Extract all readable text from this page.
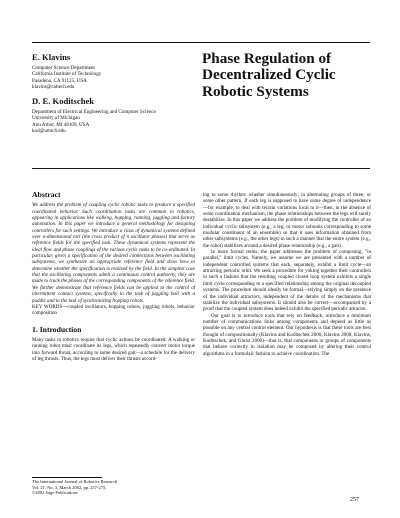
E. Klavins
Computer Science Department
California Institute of Technology
Pasadena, CA 91125, USA
klavins@caltech.edu
D. E. Koditschek
Department of Electrical Engineering and Computer Science
University of Michigan
Ann Arbor, MI 48109, USA
kod@umich.edu
Phase Regulation of Decentralized Cyclic Robotic Systems
Abstract

We address the problem of coupling cyclic robotic tasks to produce a specified coordinated behavior. Such coordination tasks are common in robotics, appearing in applications like walking, hopping, running, juggling and factory automation. In this paper we introduce a general methodology for designing controllers for such settings. We introduce a class of dynamical systems defined over n-dimensional tori (the cross product of n oscillator phases) that serve as reference fields for the specified task. These dynamical systems represent the ideal flow and phase couplings of the various cyclic tasks to be co-ordinated. In particular, given a specification of the desired connections between oscillating subsystems, we synthesize an appropriate reference field and show how to determine whether the specification is realized by the field. In the simplest case that the oscillating components admit a continuous control authority, they are made to track the phases of the corresponding components of the reference field. We further demonstrate that reference fields can be applied to the control of intermittent contact systems, specifically to the task of juggling ball with a paddle and to the task of synchronizing hopping robots.

KEY WORDS—coupled oscillators, hopping robots, juggling robots, behavior composition

1. Introduction

Many tasks in robotics require that cyclic actions be coordinated. A walking or running robot must coordinate its legs, which repeatedly convert motor torque into forward thrust, according to some desired gait—a schedule for the delivery of leg thrusts. Thus, the legs must deliver their thrusts accord-

ing to some rhythm: whether simultaneously; in alternating groups of three; or some other pattern. If each leg is supposed to have some degree of independence—for example, to deal with terrain variations local to it—then, in the absence of some coordination mechanism, the phase relationships between the legs will surely destabilize. In this paper we address the problem of modifying the controller of an individual cyclic subsystem (e.g., a leg, or motor subunits corresponding to some modular constituent of an ensemble) so that it uses information obtained from other subsystems (e.g., the other legs) in such a manner that the entire system (e.g., the robot) stabilizes around a desired phase relationship (e.g., a gait).

In more formal terms, the paper addresses the problem of composing, "in parallel," limit cycles. Namely, we assume we are presented with a number of independent controlled systems that each, separately, exhibit a limit cycle—an attracting periodic orbit. We seek a procedure for yoking together their controllers in such a fashion that the resulting coupled closed loop system exhibits a single limit cycle corresponding to a specified relationship among the original decoupled systems. The procedure should ideally be formal—relying simply on the presence of the individual attractors, independent of the details of the mechanisms that stabilize the individual subsystems. It should also be correct—accompanied by a proof that the coupled system does indeed exhibit the specified periodic attractor.

Our goal is to introduce tools that rely on feedback, introduce a minimum number of communications links among components and depend as little as possible on any central control element. Our hypothesis is that these tools are best thought of compositionally (Klavins and Koditschek 2000; Klavins 2000; Klavins, Koditschek, and Ghrist 2000)—that is, that components or groups of components that behave correctly in isolation may be composed by altering their control algorithms in a formulaic fashion to achieve coordination. The

The International Journal of Robotics Research
Vol. 21, No. 3, March 2002, pp. 257-275,
©2002 Sage Publications
257
